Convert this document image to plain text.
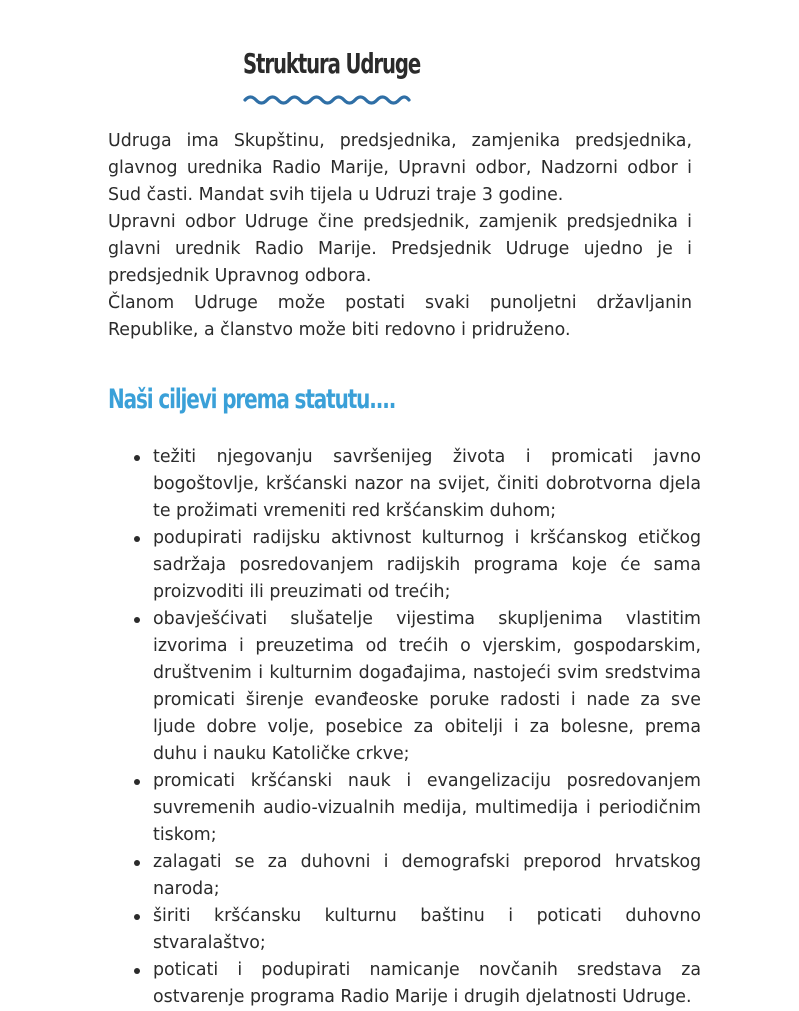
Struktura Udruge

Udruga ima Skupštinu, predsjednika, zamjenika predsjednika, glavnog urednika Radio Marije, Upravni odbor, Nadzorni odbor i Sud časti. Mandat svih tijela u Udruzi traje 3 godine.

Upravni odbor Udruge čine predsjednik, zamjenik predsjednika i glavni urednik Radio Marije. Predsjednik Udruge ujedno je i predsjednik Upravnog odbora.

Članom Udruge može postati svaki punoljetni državljanin Republike, a članstvo može biti redovno i pridruženo.

Naši ciljevi prema statutu....
težiti njegovanju savršenijeg života i promicati javno bogoštovlje, kršćanski nazor na svijet, činiti dobrotvorna djela te prožimati vremeniti red kršćanskim duhom;
podupirati radijsku aktivnost kulturnog i kršćanskog etičkog sadržaja posredovanjem radijskih programa koje će sama proizvoditi ili preuzimati od trećih;
obavješćivati slušatelje vijestima skupljenima vlastitim izvorima i preuzetima od trećih o vjerskim, gospodarskim, društvenim i kulturnim događajima, nastojeći svim sredstvima promicati širenje evanđeoske poruke radosti i nade za sve ljude dobre volje, posebice za obitelji i za bolesne, prema duhu i nauku Katoličke crkve;
promicati kršćanski nauk i evangelizaciju posredovanjem suvremenih audio-vizualnih medija, multimedija i periodičnim tiskom;
zalagati se za duhovni i demografski preporod hrvatskog naroda;
širiti kršćansku kulturnu baštinu i poticati duhovno stvaralaštvo;
poticati i podupirati namicanje novčanih sredstava za ostvarenje programa Radio Marije i drugih djelatnosti Udruge.
